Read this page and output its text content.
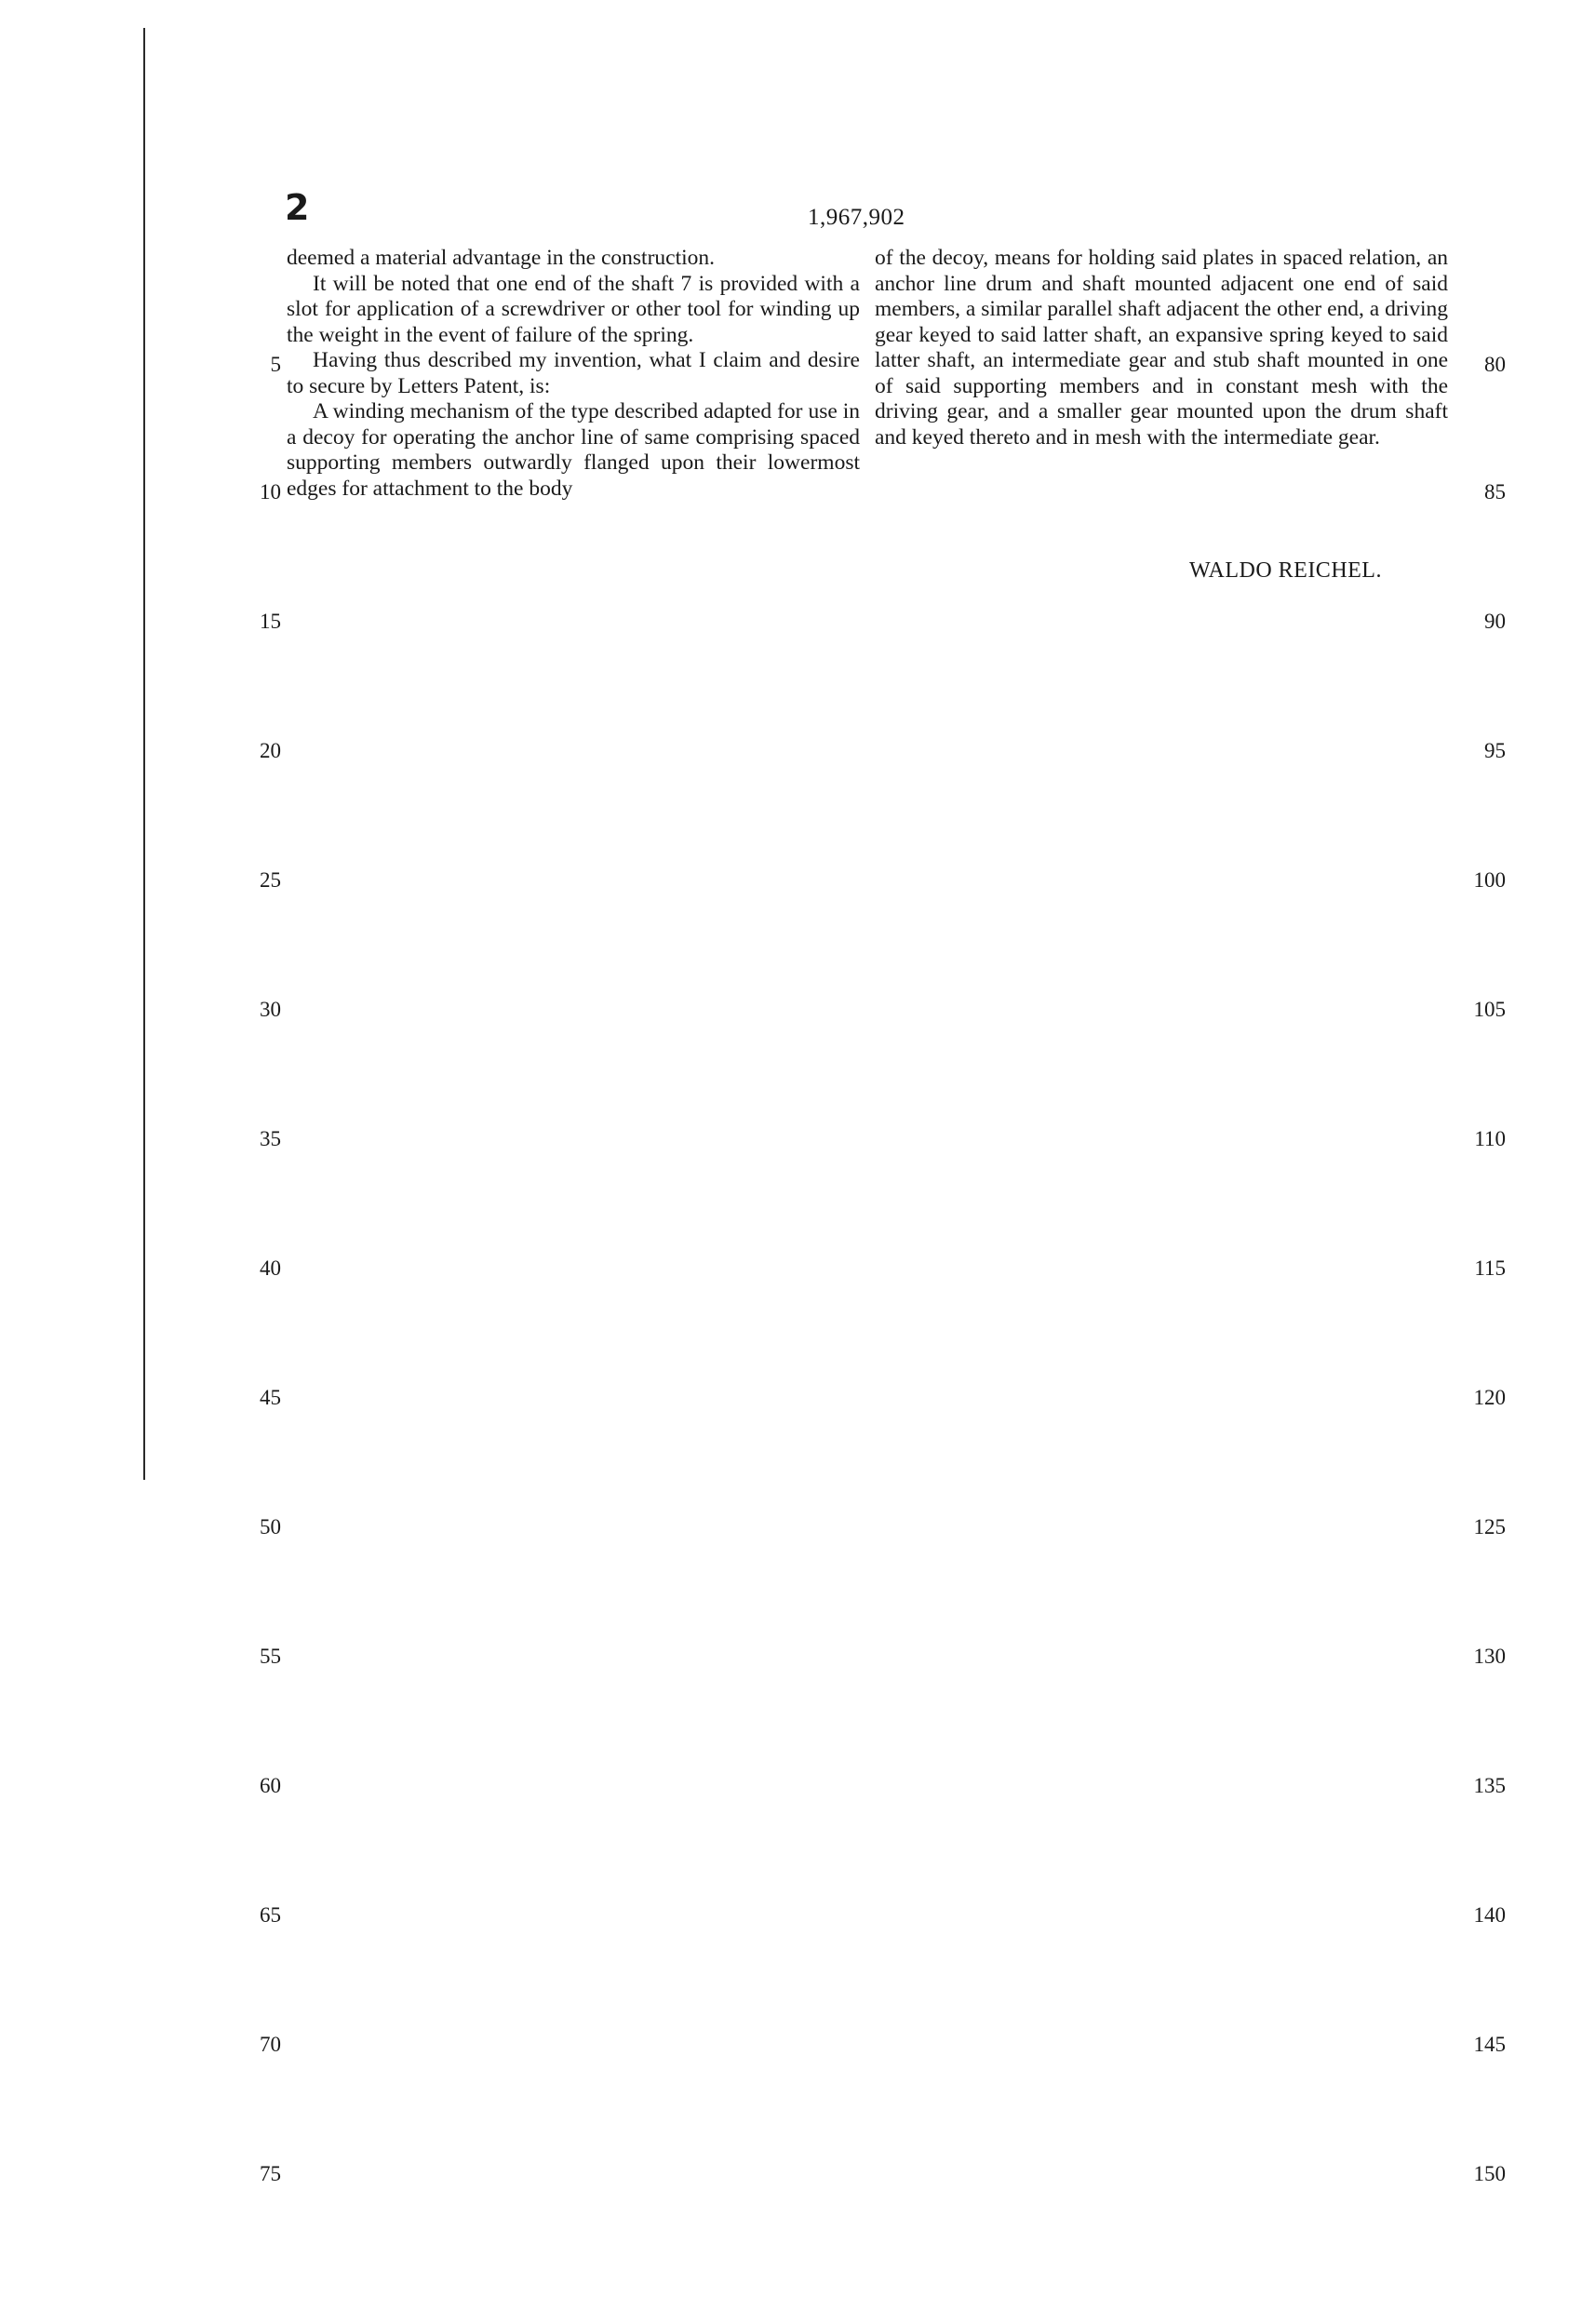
2	1,967,902

deemed a material advantage in the construction.

It will be noted that one end of the shaft 7 is provided with a slot for application of a screwdriver or other tool for winding up the weight in the event of failure of the spring.

Having thus described my invention, what I claim and desire to secure by Letters Patent, is:

A winding mechanism of the type described adapted for use in a decoy for operating the anchor line of same comprising spaced supporting members outwardly flanged upon their lowermost edges for attachment to the body

of the decoy, means for holding said plates in spaced relation, an anchor line drum and shaft mounted adjacent one end of said members, a similar parallel shaft adjacent the other end, a driving gear keyed to said latter shaft, an expansive spring keyed to said latter shaft, an intermediate gear and stub shaft mounted in one of said supporting members and in constant mesh with the driving gear, and a smaller gear mounted upon the drum shaft and keyed thereto and in mesh with the intermediate gear.

WALDO REICHEL.
5
10
15
20
25
30
35
40
45
50
55
60
65
70
75
80
85
90
95
100
105
110
115
120
125
130
135
140
145
150
